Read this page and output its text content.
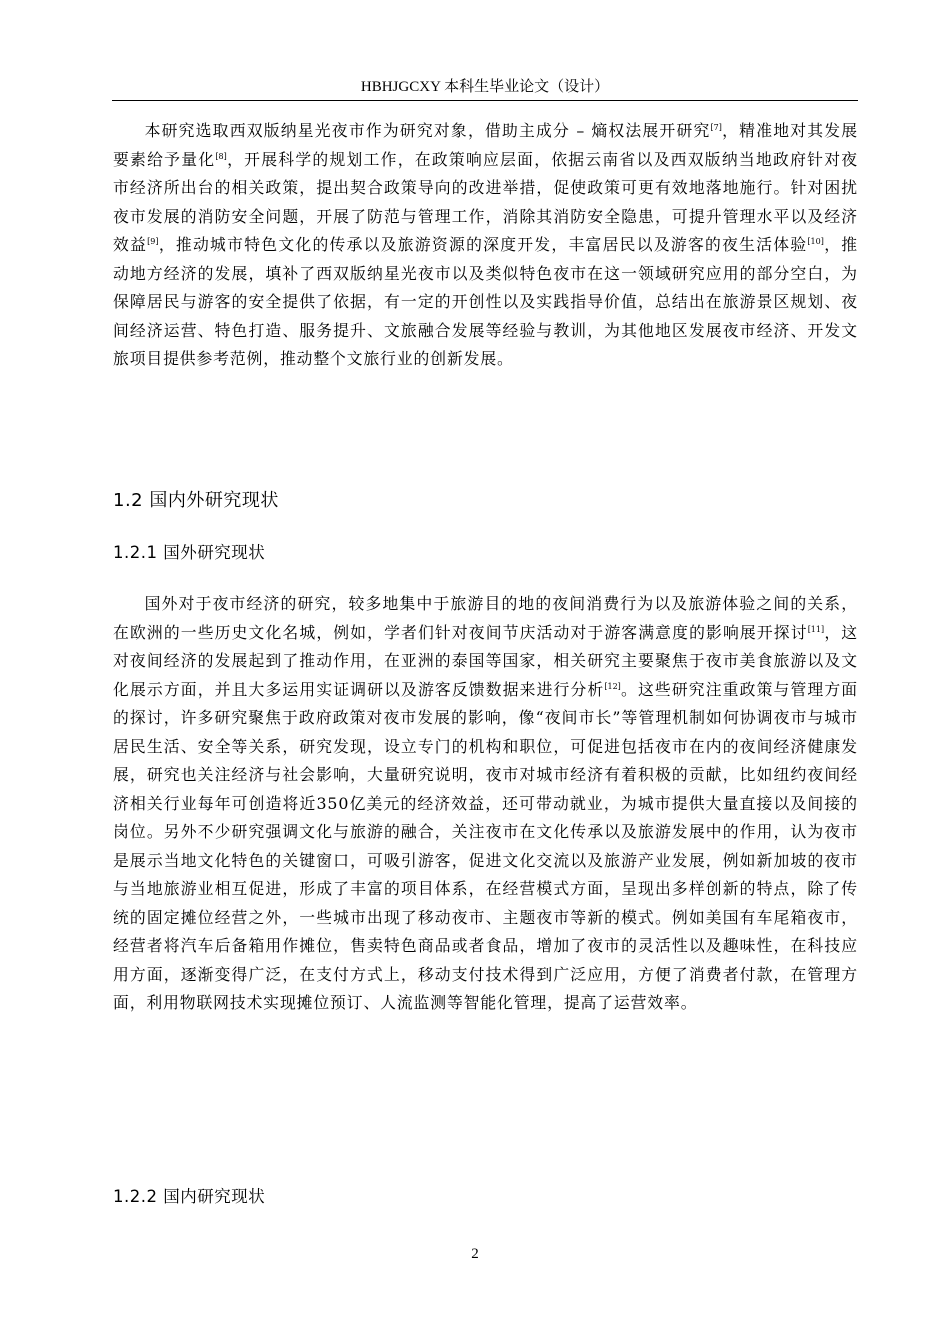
HBHJGCXY 本科生毕业论文（设计）

本研究选取西双版纳星光夜市作为研究对象，借助主成分 – 熵权法展开研究[7]，精准地对其发展要素给予量化[8]，开展科学的规划工作，在政策响应层面，依据云南省以及西双版纳当地政府针对夜市经济所出台的相关政策，提出契合政策导向的改进举措，促使政策可更有效地落地施行。针对困扰夜市发展的消防安全问题，开展了防范与管理工作，消除其消防安全隐患，可提升管理水平以及经济效益[9]，推动城市特色文化的传承以及旅游资源的深度开发，丰富居民以及游客的夜生活体验[10]，推动地方经济的发展，填补了西双版纳星光夜市以及类似特色夜市在这一领域研究应用的部分空白，为保障居民与游客的安全提供了依据，有一定的开创性以及实践指导价值，总结出在旅游景区规划、夜间经济运营、特色打造、服务提升、文旅融合发展等经验与教训，为其他地区发展夜市经济、开发文旅项目提供参考范例，推动整个文旅行业的创新发展。

1.2 国内外研究现状
1.2.1 国外研究现状

国外对于夜市经济的研究，较多地集中于旅游目的地的夜间消费行为以及旅游体验之间的关系，在欧洲的一些历史文化名城，例如，学者们针对夜间节庆活动对于游客满意度的影响展开探讨[11]，这对夜间经济的发展起到了推动作用，在亚洲的泰国等国家，相关研究主要聚焦于夜市美食旅游以及文化展示方面，并且大多运用实证调研以及游客反馈数据来进行分析[12]。这些研究注重政策与管理方面的探讨，许多研究聚焦于政府政策对夜市发展的影响，像“夜间市长”等管理机制如何协调夜市与城市居民生活、安全等关系，研究发现，设立专门的机构和职位，可促进包括夜市在内的夜间经济健康发展，研究也关注经济与社会影响，大量研究说明，夜市对城市经济有着积极的贡献，比如纽约夜间经济相关行业每年可创造将近350亿美元的经济效益，还可带动就业，为城市提供大量直接以及间接的岗位。另外不少研究强调文化与旅游的融合，关注夜市在文化传承以及旅游发展中的作用，认为夜市是展示当地文化特色的关键窗口，可吸引游客，促进文化交流以及旅游产业发展，例如新加坡的夜市与当地旅游业相互促进，形成了丰富的项目体系，在经营模式方面，呈现出多样创新的特点，除了传统的固定摊位经营之外，一些城市出现了移动夜市、主题夜市等新的模式。例如美国有车尾箱夜市，经营者将汽车后备箱用作摊位，售卖特色商品或者食品，增加了夜市的灵活性以及趣味性，在科技应用方面，逐渐变得广泛，在支付方式上，移动支付技术得到广泛应用，方便了消费者付款，在管理方面，利用物联网技术实现摊位预订、人流监测等智能化管理，提高了运营效率。

1.2.2 国内研究现状
2
